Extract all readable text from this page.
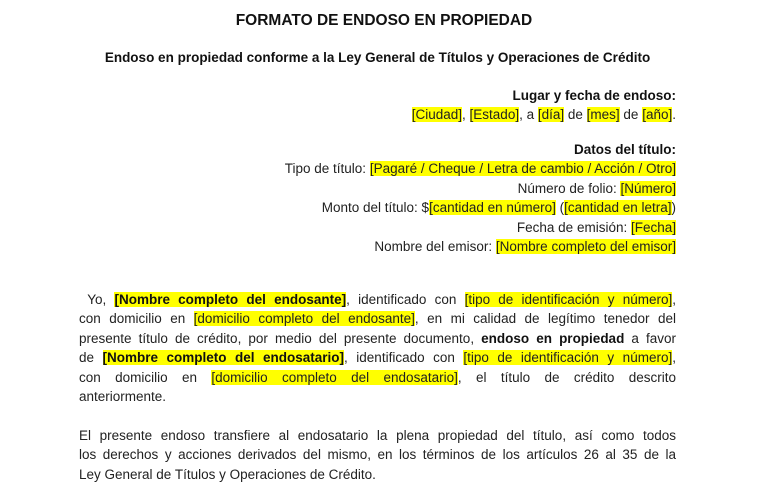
FORMATO DE ENDOSO EN PROPIEDAD
Endoso en propiedad conforme a la Ley General de Títulos y Operaciones de Crédito
Lugar y fecha de endoso:
[Ciudad], [Estado], a [día] de [mes] de [año].
Datos del título:
Tipo de título: [Pagaré / Cheque / Letra de cambio / Acción / Otro]
Número de folio: [Número]
Monto del título: $[cantidad en número] ([cantidad en letra])
Fecha de emisión: [Fecha]
Nombre del emisor: [Nombre completo del emisor]
Yo, [Nombre completo del endosante], identificado con [tipo de identificación y número],
con domicilio en [domicilio completo del endosante], en mi calidad de legítimo tenedor del
presente título de crédito, por medio del presente documento, endoso en propiedad a favor
de [Nombre completo del endosatario], identificado con [tipo de identificación y número],
con domicilio en [domicilio completo del endosatario], el título de crédito descrito
anteriormente.
El presente endoso transfiere al endosatario la plena propiedad del título, así como todos
los derechos y acciones derivados del mismo, en los términos de los artículos 26 al 35 de la
Ley General de Títulos y Operaciones de Crédito.
